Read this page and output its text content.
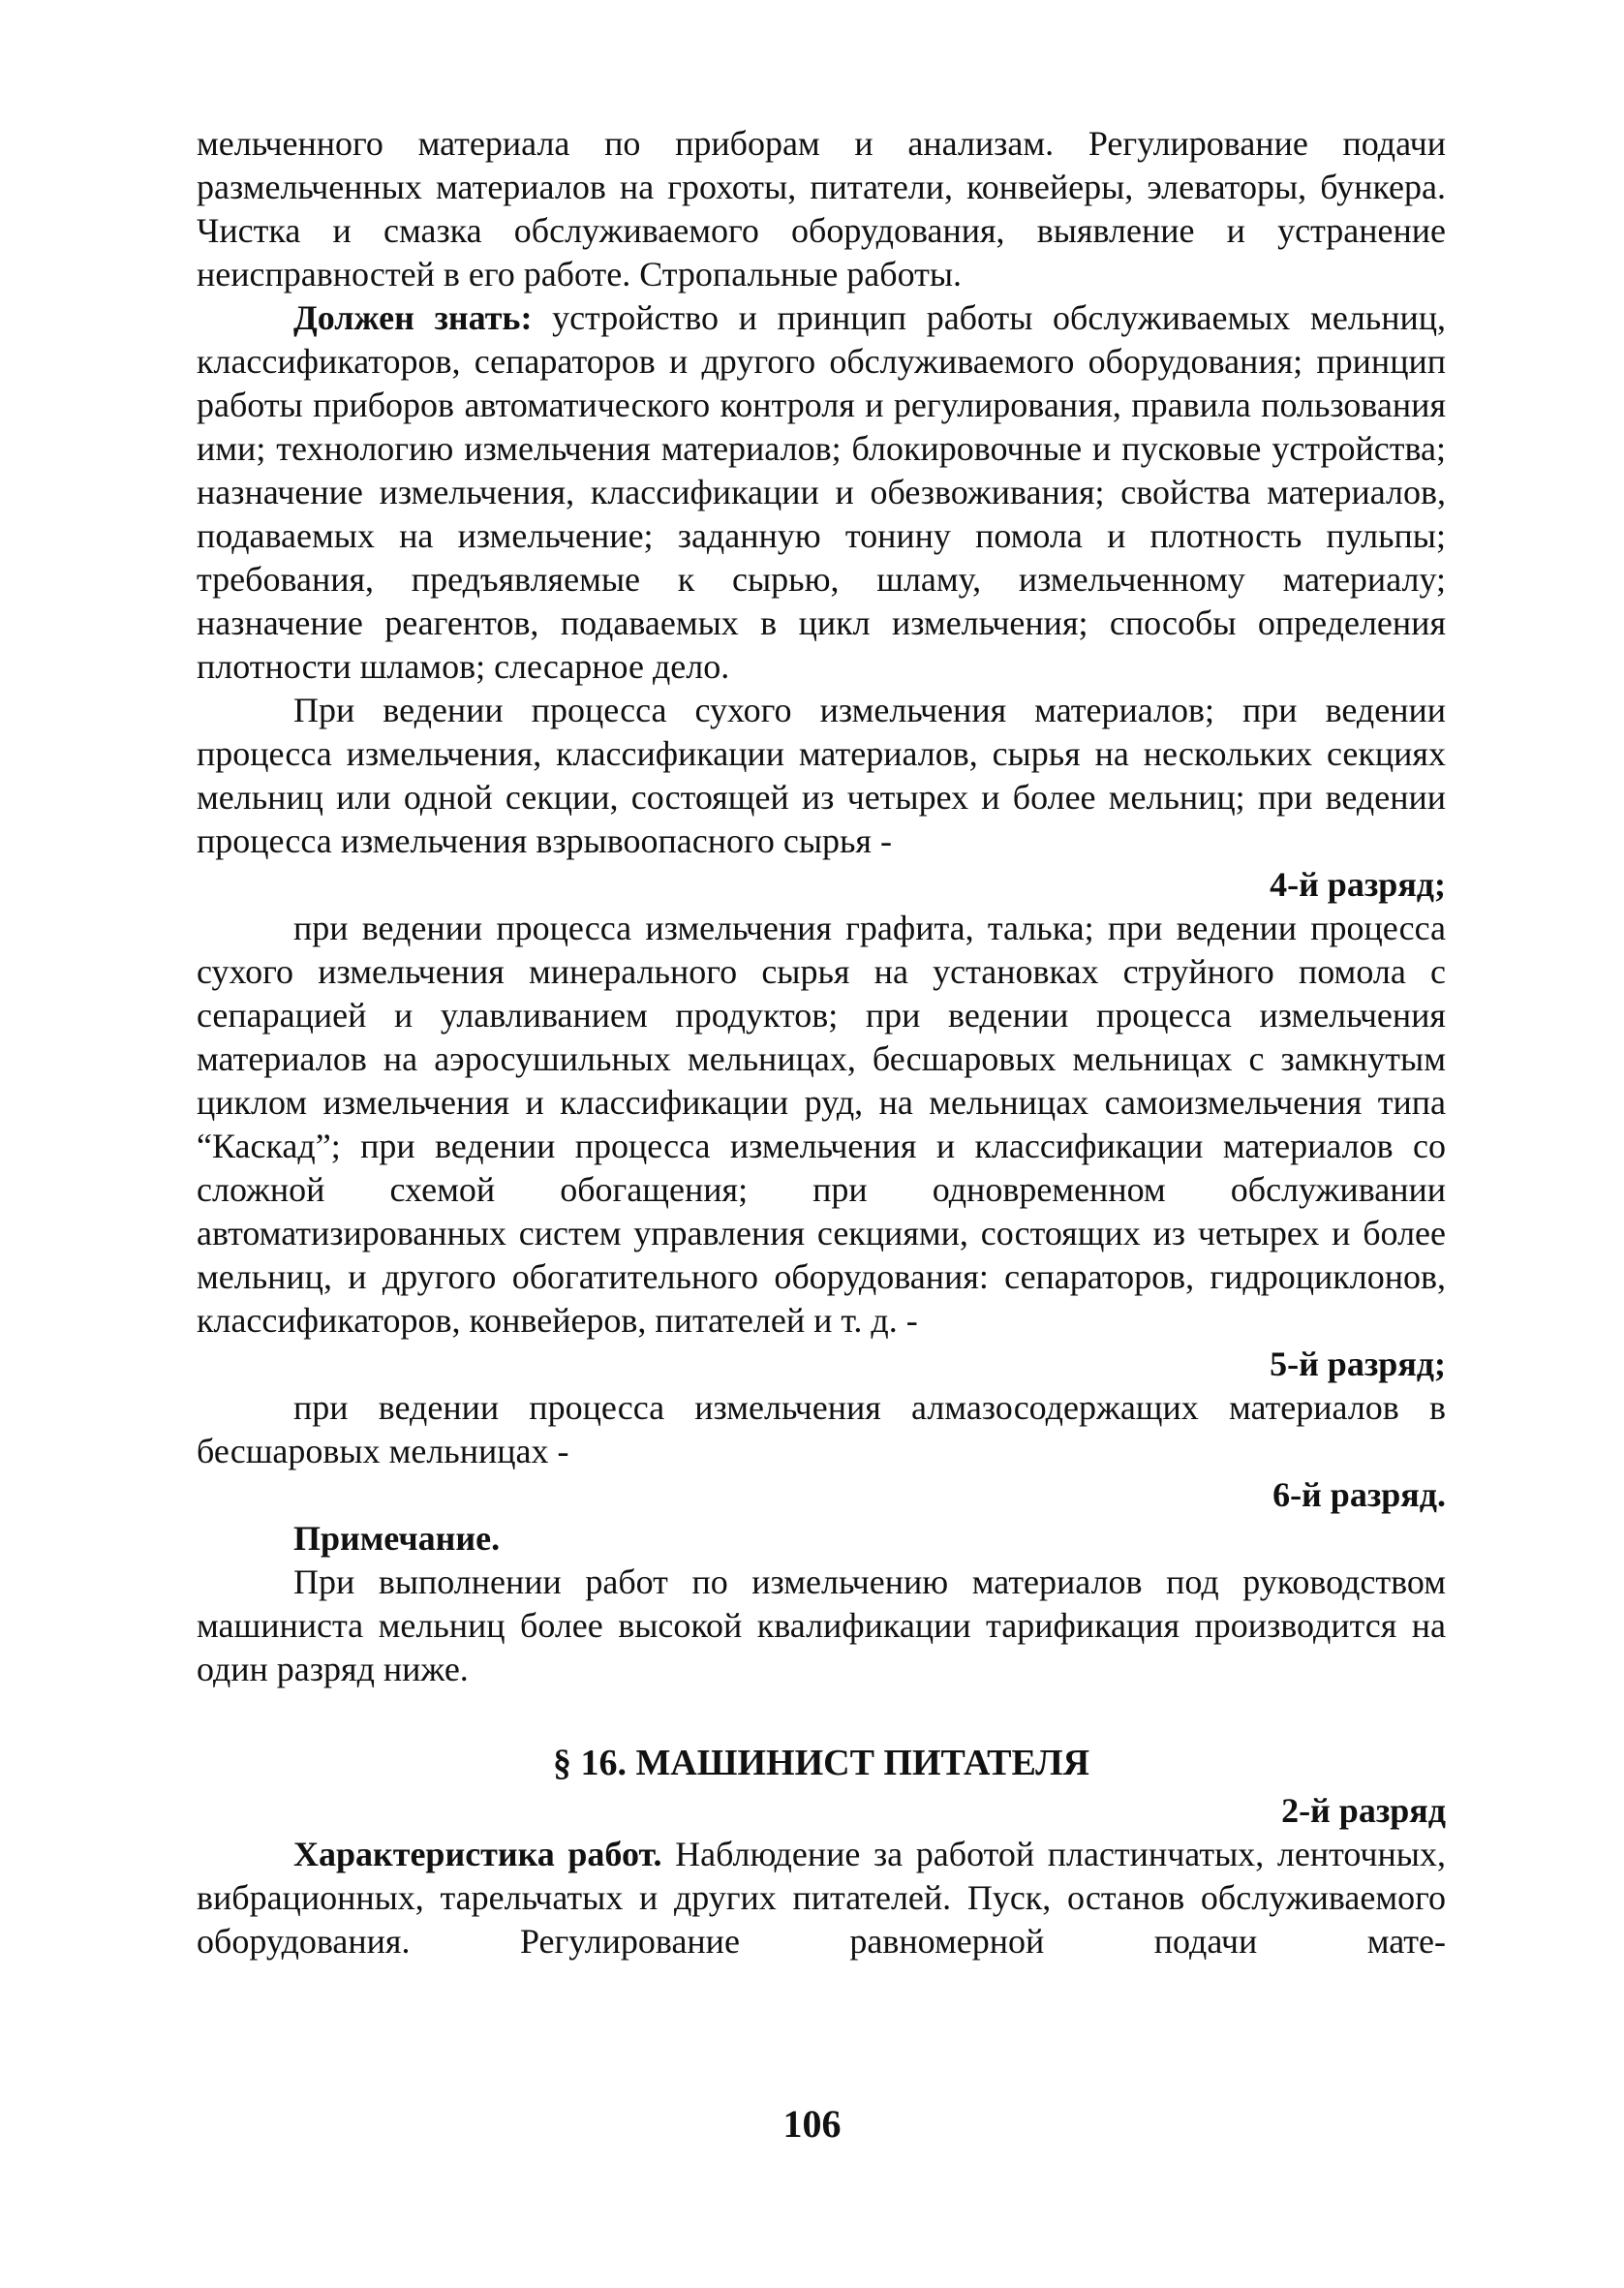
мельченного материала по приборам и анализам. Регулирование подачи размельченных материалов на грохоты, питатели, конвейеры, элеваторы, бункера. Чистка и смазка обслуживаемого оборудования, выявление и устранение неисправностей в его работе. Стропальные работы.

Должен знать: устройство и принцип работы обслуживаемых мельниц, классификаторов, сепараторов и другого обслуживаемого оборудования; принцип работы приборов автоматического контроля и регулирования, правила пользования ими; технологию измельчения материалов; блокировочные и пусковые устройства; назначение измельчения, классификации и обезвоживания; свойства материалов, подаваемых на измельчение; заданную тонину помола и плотность пульпы; требования, предъявляемые к сырью, шламу, измельченному материалу; назначение реагентов, подаваемых в цикл измельчения; способы определения плотности шламов; слесарное дело.

При ведении процесса сухого измельчения материалов; при ведении процесса измельчения, классификации материалов, сырья на нескольких секциях мельниц или одной секции, состоящей из четырех и более мельниц; при ведении процесса измельчения взрывоопасного сырья -

4-й разряд;

при ведении процесса измельчения графита, талька; при ведении процесса сухого измельчения минерального сырья на установках струйного помола с сепарацией и улавливанием продуктов; при ведении процесса измельчения материалов на аэросушильных мельницах, бесшаровых мельницах с замкнутым циклом измельчения и классификации руд, на мельницах самоизмельчения типа “Каскад”; при ведении процесса измельчения и классификации материалов со сложной схемой обогащения; при одновременном обслуживании автоматизированных систем управления секциями, состоящих из четырех и более мельниц, и другого обогатительного оборудования: сепараторов, гидроциклонов, классификаторов, конвейеров, питателей и т. д. -

5-й разряд;

при ведении процесса измельчения алмазосодержащих материалов в бесшаровых мельницах -

6-й разряд.

Примечание.

При выполнении работ по измельчению материалов под руководством машиниста мельниц более высокой квалификации тарификация производится на один разряд ниже.

§ 16. МАШИНИСТ ПИТАТЕЛЯ

2-й разряд

Характеристика работ. Наблюдение за работой пластинчатых, ленточных, вибрационных, тарельчатых и других питателей. Пуск, останов обслуживаемого оборудования. Регулирование равномерной подачи мате-

106
